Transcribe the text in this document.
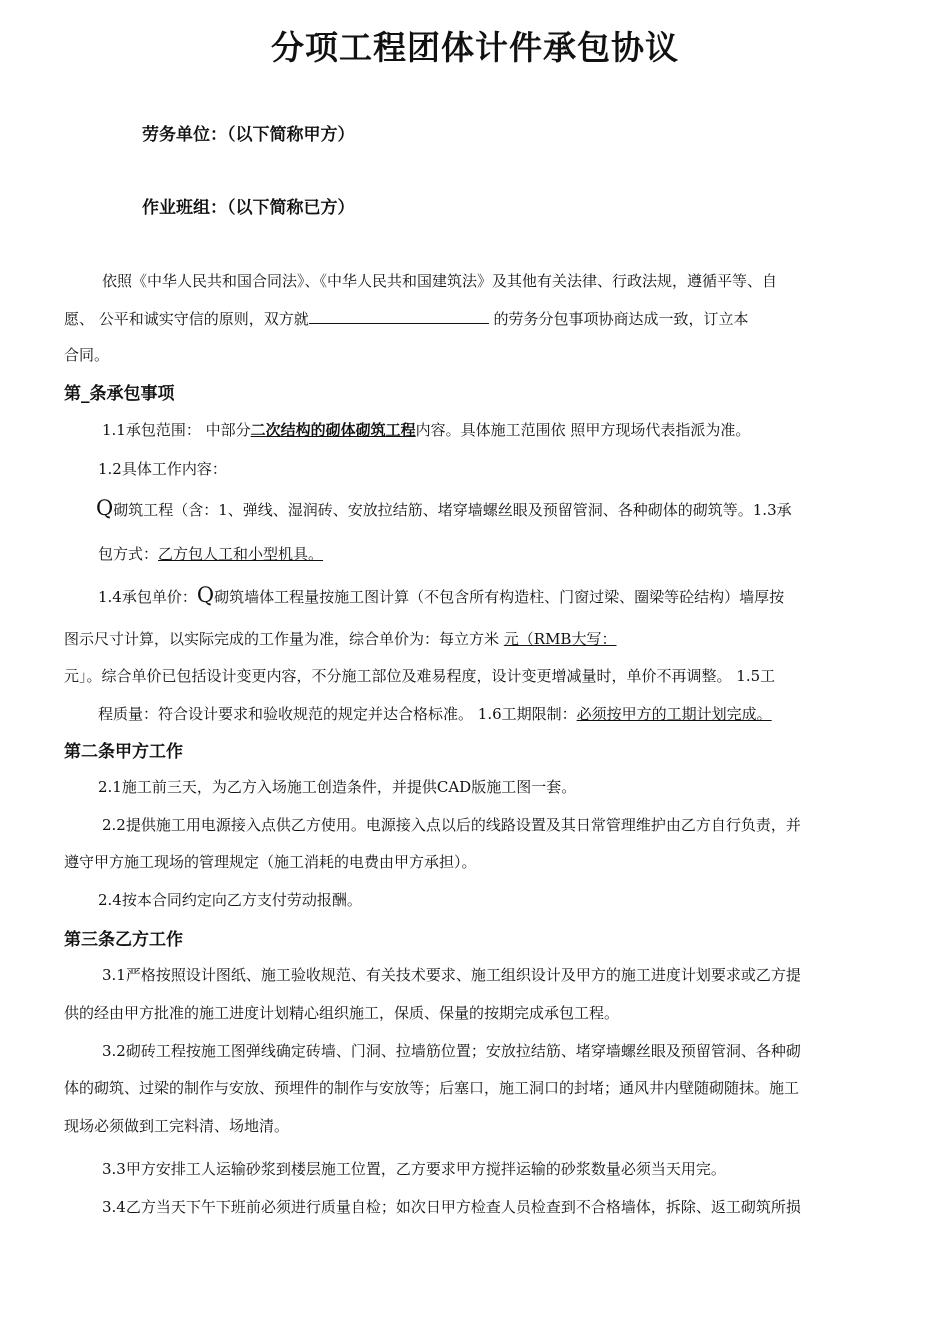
分项工程团体计件承包协议
劳务单位：（以下简称甲方）
作业班组：（以下简称已方）
依照《中华人民共和国合同法》、《中华人民共和国建筑法》及其他有关法律、行政法规，遵循平等、自
愿、 公平和诚实守信的原则，双方就	的劳务分包事项协商达成一致，订立本
合同。
第_条承包事项
1.1承包范围： 中部分二次结构的砌体砌筑工程内容。具体施工范围依 照甲方现场代表指派为准。
1.2具体工作内容：
Q砌筑工程（含：1、弹线、湿润砖、安放拉结筋、堵穿墙螺丝眼及预留管洞、各种砌体的砌筑等。1.3承
包方式：乙方包人工和小型机具。
1.4承包单价：Q砌筑墙体工程量按施工图计算（不包含所有构造柱、门窗过梁、圈梁等砼结构）墙厚按
图示尺寸计算，以实际完成的工作量为准，综合单价为：每立方米 元（RMB大写：
元」。综合单价已包括设计变更内容，不分施工部位及难易程度，设计变更增减量时，单价不再调整。 1.5工
程质量：符合设计要求和验收规范的规定并达合格标准。 1.6工期限制：必须按甲方的工期计划完成。
第二条甲方工作
2.1施工前三天，为乙方入场施工创造条件，并提供CAD版施工图一套。
2.2提供施工用电源接入点供乙方使用。电源接入点以后的线路设置及其日常管理维护由乙方自行负责，并
遵守甲方施工现场的管理规定（施工消耗的电费由甲方承担）。
2.4按本合同约定向乙方支付劳动报酬。
第三条乙方工作
3.1严格按照设计图纸、施工验收规范、有关技术要求、施工组织设计及甲方的施工进度计划要求或乙方提
供的经由甲方批准的施工进度计划精心组织施工，保质、保量的按期完成承包工程。
3.2砌砖工程按施工图弹线确定砖墙、门洞、拉墙筋位置；安放拉结筋、堵穿墙螺丝眼及预留管洞、各种砌
体的砌筑、过梁的制作与安放、预埋件的制作与安放等；后塞口，施工洞口的封堵；通风井内壁随砌随抹。施工
现场必须做到工完料清、场地清。
3.3甲方安排工人运输砂浆到楼层施工位置，乙方要求甲方搅拌运输的砂浆数量必须当天用完。
3.4乙方当天下午下班前必须进行质量自检；如次日甲方检查人员检查到不合格墙体，拆除、返工砌筑所损
